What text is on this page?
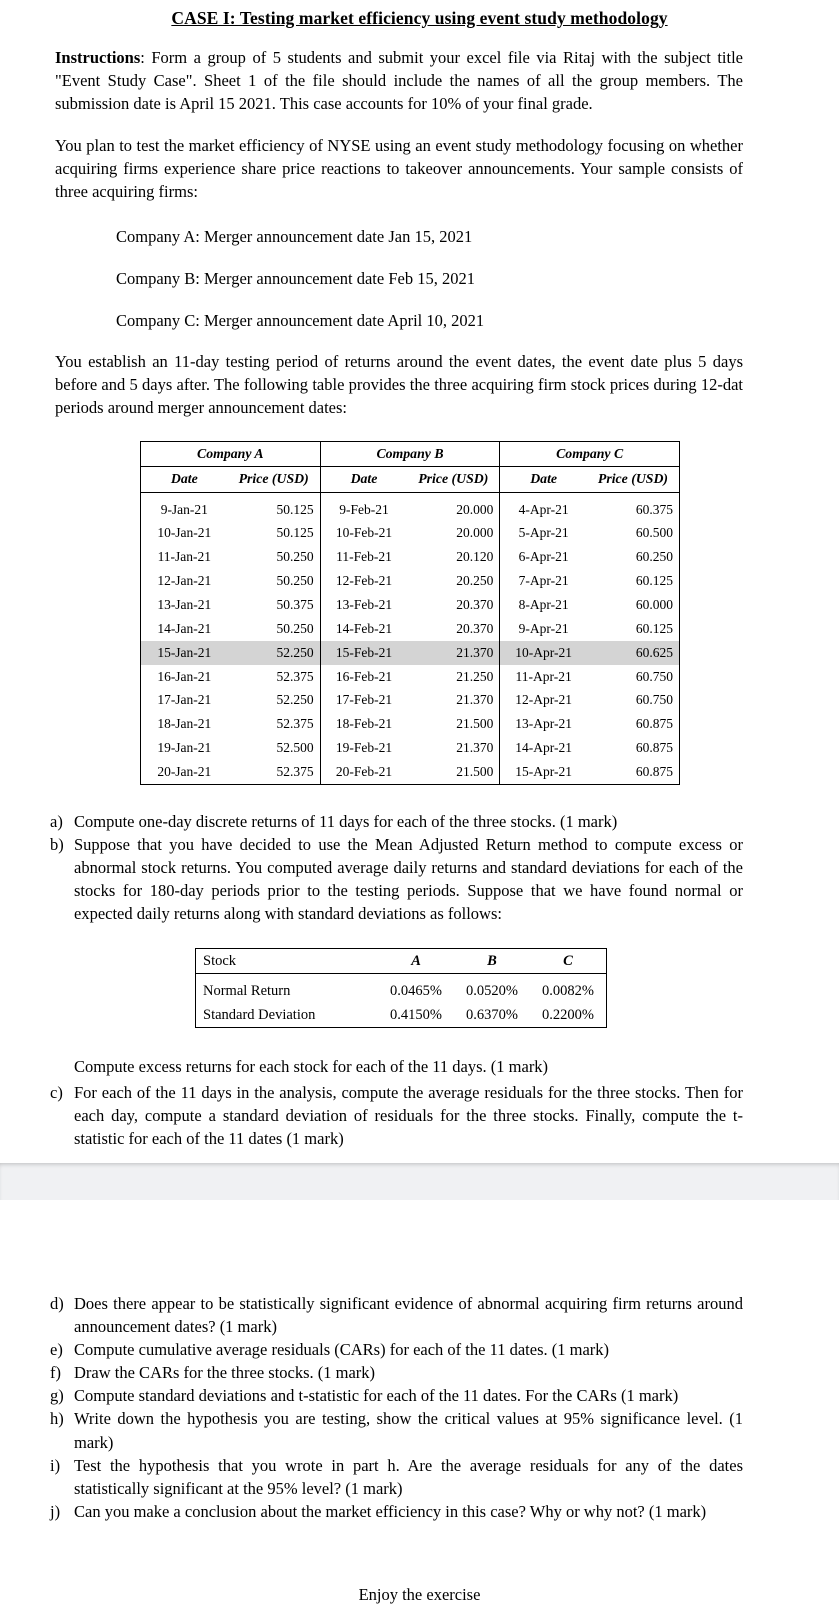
CASE I: Testing market efficiency using event study methodology

Instructions: Form a group of 5 students and submit your excel file via Ritaj with the subject title "Event Study Case". Sheet 1 of the file should include the names of all the group members. The submission date is April 15 2021. This case accounts for 10% of your final grade.

You plan to test the market efficiency of NYSE using an event study methodology focusing on whether acquiring firms experience share price reactions to takeover announcements. Your sample consists of three acquiring firms:

Company A: Merger announcement date Jan 15, 2021
Company B: Merger announcement date Feb 15, 2021
Company C: Merger announcement date April 10, 2021

You establish an 11-day testing period of returns around the event dates, the event date plus 5 days before and 5 days after. The following table provides the three acquiring firm stock prices during 12-dat periods around merger announcement dates:

Company A		Company B		Company C	
Date	Price (USD)	Date	Price (USD)	Date	Price (USD)
9-Jan-21	50.125	9-Feb-21	20.000	4-Apr-21	60.375
10-Jan-21	50.125	10-Feb-21	20.000	5-Apr-21	60.500
11-Jan-21	50.250	11-Feb-21	20.120	6-Apr-21	60.250
12-Jan-21	50.250	12-Feb-21	20.250	7-Apr-21	60.125
13-Jan-21	50.375	13-Feb-21	20.370	8-Apr-21	60.000
14-Jan-21	50.250	14-Feb-21	20.370	9-Apr-21	60.125
15-Jan-21	52.250	15-Feb-21	21.370	10-Apr-21	60.625
16-Jan-21	52.375	16-Feb-21	21.250	11-Apr-21	60.750
17-Jan-21	52.250	17-Feb-21	21.370	12-Apr-21	60.750
18-Jan-21	52.375	18-Feb-21	21.500	13-Apr-21	60.875
19-Jan-21	52.500	19-Feb-21	21.370	14-Apr-21	60.875
20-Jan-21	52.375	20-Feb-21	21.500	15-Apr-21	60.875
a) Compute one-day discrete returns of 11 days for each of the three stocks. (1 mark)
b) Suppose that you have decided to use the Mean Adjusted Return method to compute excess or abnormal stock returns. You computed average daily returns and standard deviations for each of the stocks for 180-day periods prior to the testing periods. Suppose that we have found normal or expected daily returns along with standard deviations as follows:
Stock	A	B	C
Normal Return	0.0465%	0.0520%	0.0082%
Standard Deviation	0.4150%	0.6370%	0.2200%
Compute excess returns for each stock for each of the 11 days. (1 mark)
c) For each of the 11 days in the analysis, compute the average residuals for the three stocks. Then for each day, compute a standard deviation of residuals for the three stocks. Finally, compute the t-statistic for each of the 11 dates (1 mark)
d) Does there appear to be statistically significant evidence of abnormal acquiring firm returns around announcement dates? (1 mark)
e) Compute cumulative average residuals (CARs) for each of the 11 dates. (1 mark)
f) Draw the CARs for the three stocks. (1 mark)
g) Compute standard deviations and t-statistic for each of the 11 dates. For the CARs (1 mark)
h) Write down the hypothesis you are testing, show the critical values at 95% significance level. (1 mark)
i) Test the hypothesis that you wrote in part h. Are the average residuals for any of the dates statistically significant at the 95% level? (1 mark)
j) Can you make a conclusion about the market efficiency in this case? Why or why not? (1 mark)
Enjoy the exercise
